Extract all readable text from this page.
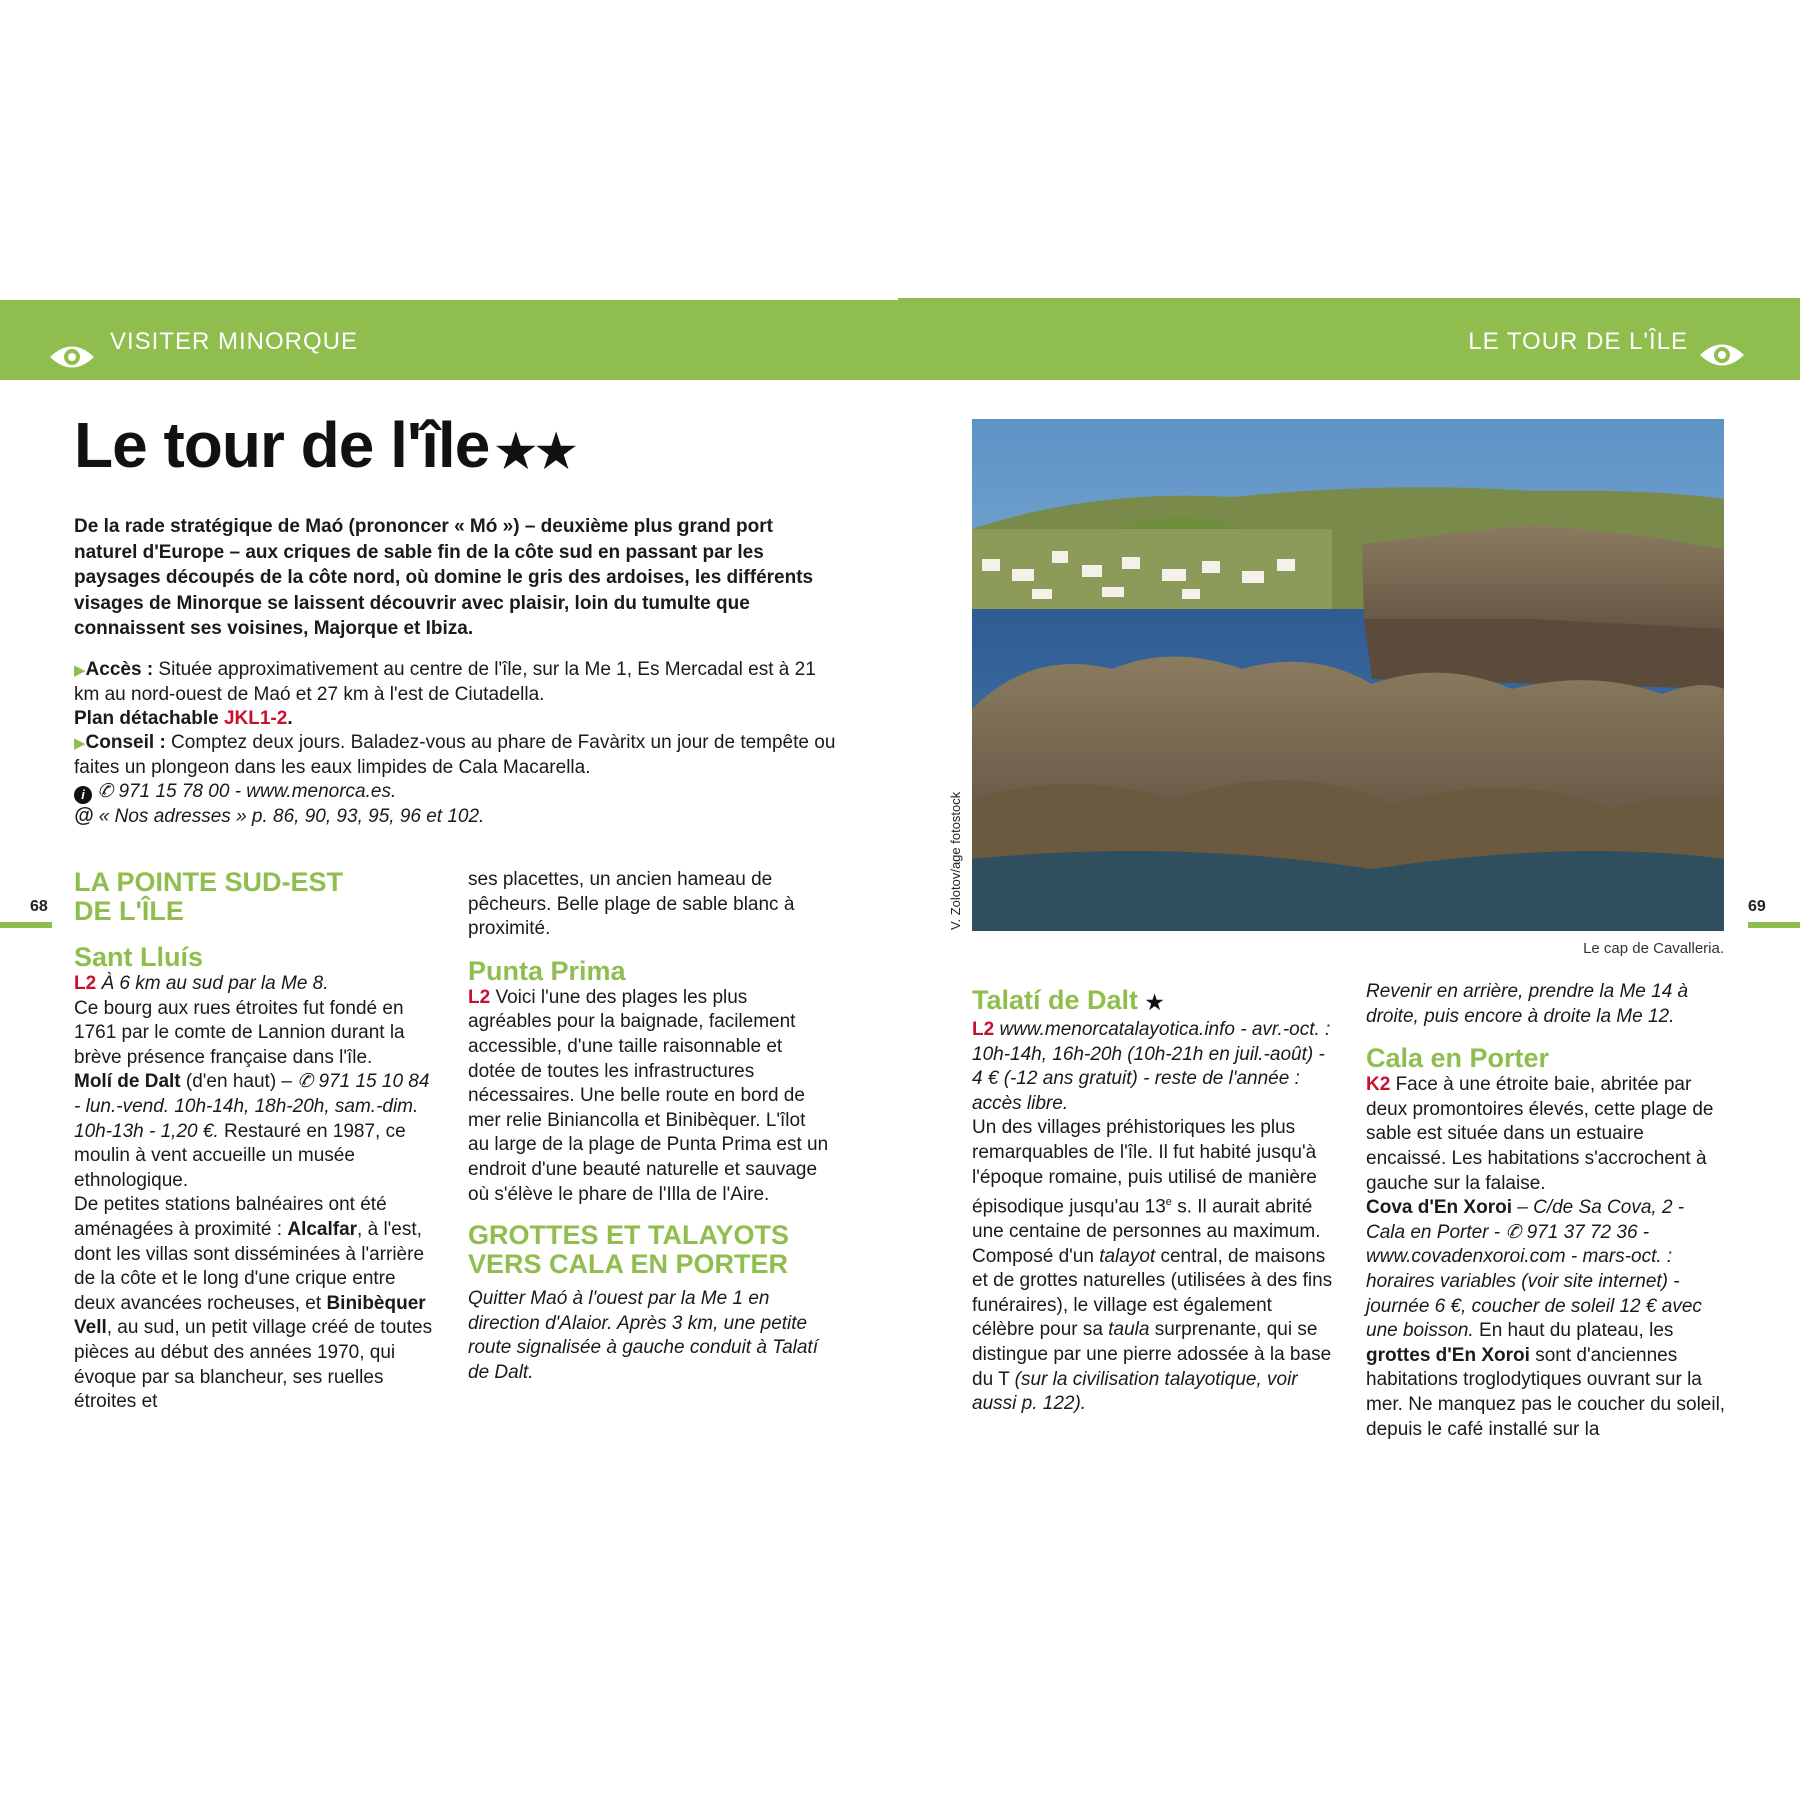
VISITER MINORQUE	LE TOUR DE L'ÎLE
68	69
Le tour de l'île ★★
De la rade stratégique de Maó (prononcer « Mó ») – deuxième plus grand port naturel d'Europe – aux criques de sable fin de la côte sud en passant par les paysages découpés de la côte nord, où domine le gris des ardoises, les différents visages de Minorque se laissent découvrir avec plaisir, loin du tumulte que connaissent ses voisines, Majorque et Ibiza.

▶Accès : Située approximativement au centre de l'île, sur la Me 1, Es Mercadal est à 21 km au nord-ouest de Maó et 27 km à l'est de Ciutadella.

Plan détachable JKL1-2.

▶Conseil : Comptez deux jours. Baladez-vous au phare de Favàritx un jour de tempête ou faites un plongeon dans les eaux limpides de Cala Macarella.

i ✆ 971 15 78 00 - www.menorca.es.

@ « Nos adresses » p. 86, 90, 93, 95, 96 et 102.

LA POINTE SUD-EST
DE L'ÎLE

Sant Lluís

L2 À 6 km au sud par la Me 8.

Ce bourg aux rues étroites fut fondé en 1761 par le comte de Lannion durant la brève présence française dans l'île.

Molí de Dalt (d'en haut) – ✆ 971 15 10 84 - lun.-vend. 10h-14h, 18h-20h, sam.-dim. 10h-13h - 1,20 €. Restauré en 1987, ce moulin à vent accueille un musée ethnologique.

De petites stations balnéaires ont été aménagées à proximité : Alcalfar, à l'est, dont les villas sont disséminées à l'arrière de la côte et le long d'une crique entre deux avancées rocheuses, et Binibèquer Vell, au sud, un petit village créé de toutes pièces au début des années 1970, qui évoque par sa blancheur, ses ruelles étroites et

ses placettes, un ancien hameau de pêcheurs. Belle plage de sable blanc à proximité.

Punta Prima

L2 Voici l'une des plages les plus agréables pour la baignade, facilement accessible, d'une taille raisonnable et dotée de toutes les infrastructures nécessaires. Une belle route en bord de mer relie Biniancolla et Binibèquer. L'îlot au large de la plage de Punta Prima est un endroit d'une beauté naturelle et sauvage où s'élève le phare de l'Illa de l'Aire.

GROTTES ET TALAYOTS
VERS CALA EN PORTER

Quitter Maó à l'ouest par la Me 1 en direction d'Alaior. Après 3 km, une petite route signalisée à gauche conduit à Talatí de Dalt.

V. Zolotov/age fotostock
Le cap de Cavalleria.

Talatí de Dalt ★

L2 www.menorcatalayotica.info - avr.-oct. : 10h-14h, 16h-20h (10h-21h en juil.-août) - 4 € (-12 ans gratuit) - reste de l'année : accès libre.

Un des villages préhistoriques les plus remarquables de l'île. Il fut habité jusqu'à l'époque romaine, puis utilisé de manière épisodique jusqu'au 13e s. Il aurait abrité une centaine de personnes au maximum. Composé d'un talayot central, de maisons et de grottes naturelles (utilisées à des fins funéraires), le village est également célèbre pour sa taula surprenante, qui se distingue par une pierre adossée à la base du T (sur la civilisation talayotique, voir aussi p. 122).

Revenir en arrière, prendre la Me 14 à droite, puis encore à droite la Me 12.

Cala en Porter

K2 Face à une étroite baie, abritée par deux promontoires élevés, cette plage de sable est située dans un estuaire encaissé. Les habitations s'accrochent à gauche sur la falaise.

Cova d'En Xoroi – C/de Sa Cova, 2 - Cala en Porter - ✆ 971 37 72 36 - www.covadenxoroi.com - mars-oct. : horaires variables (voir site internet) - journée 6 €, coucher de soleil 12 € avec une boisson. En haut du plateau, les grottes d'En Xoroi sont d'anciennes habitations troglodytiques ouvrant sur la mer. Ne manquez pas le coucher du soleil, depuis le café installé sur la
